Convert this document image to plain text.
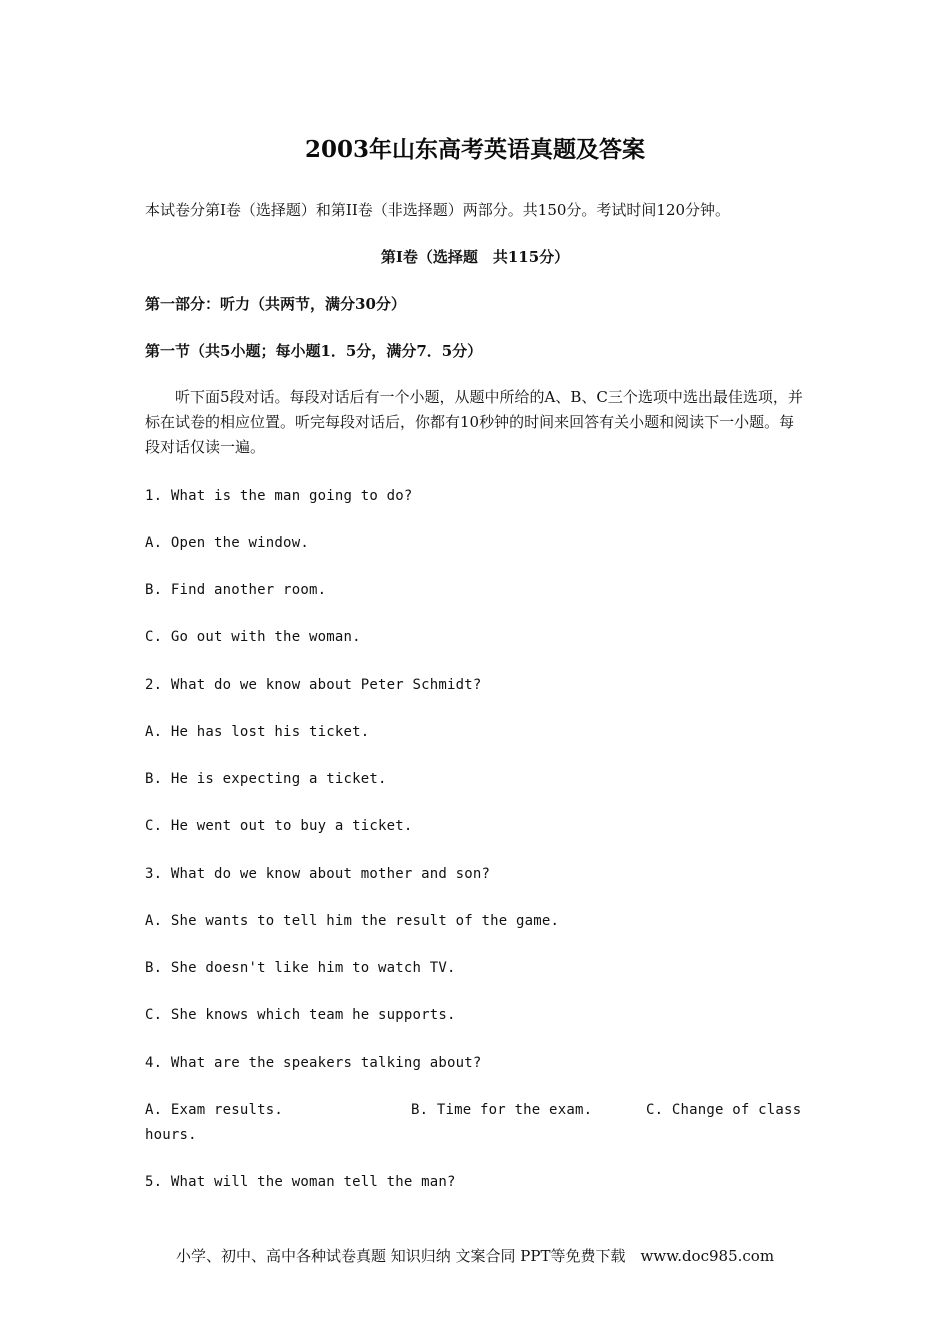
2003年山东高考英语真题及答案
本试卷分第Ⅰ卷（选择题）和第II卷（非选择题）两部分。共150分。考试时间120分钟。
第Ⅰ卷（选择题　共115分）
第一部分：听力（共两节，满分30分）
第一节（共5小题；每小题1．5分，满分7．5分）
听下面5段对话。每段对话后有一个小题，从题中所给的A、B、C三个选项中选出最佳选项，并标在试卷的相应位置。听完每段对话后，你都有10秒钟的时间来回答有关小题和阅读下一小题。每段对话仅读一遍。
1. What is the man going to do?
A. Open the window.
B. Find another room.
C. Go out with the woman.
2. What do we know about Peter Schmidt?
A. He has lost his ticket.
B. He is expecting a ticket.
C. He went out to buy a ticket.
3. What do we know about mother and son?
A. She wants to tell him the result of the game.
B. She doesn't like him to watch TV.
C. She knows which team he supports.
4. What are the speakers talking about?
A. Exam results.	B. Time for the exam.	C. Change of class
hours.
5. What will the woman tell the man?
小学、初中、高中各种试卷真题 知识归纳 文案合同 PPT等免费下载　www.doc985.com
